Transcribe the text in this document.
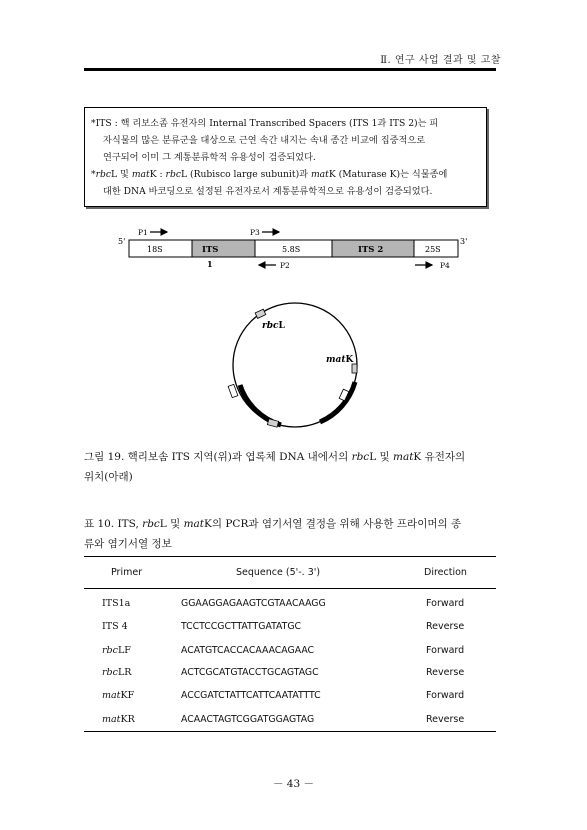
Ⅱ. 연구 사업 결과 및 고찰
*ITS : 핵 리보소좀 유전자의 Internal Transcribed Spacers (ITS 1과 ITS 2)는 피
자식물의 많은 분류군을 대상으로 근연 속간 내지는 속내 종간 비교에 집중적으로
연구되어 이미 그 계통분류학적 유용성이 검증되었다.
*rbcL 및 matK : rbcL (Rubisco large subunit)과 matK (Maturase K)는 식물종에
대한 DNA 바코딩으로 설정된 유전자로서 계통분류학적으로 유용성이 검증되었다.
5'	3'
18S	ITS	5.8S	ITS 2	25S
1
P1	P3
P2	P4
rbcL
matK
그림 19. 핵리보솜 ITS 지역(위)과 엽록체 DNA 내에서의 rbcL 및 matK 유전자의
위치(아래)
표 10. ITS, rbcL 및 matK의 PCR과 염기서열 결정을 위해 사용한 프라이머의 종
류와 염기서열 정보
Primer	Sequence (5'-. 3')	Direction
ITS1a	GGAAGGAGAAGTCGTAACAAGG	Forward
ITS 4	TCCTCCGCTTATTGATATGC	Reverse
rbcLF	ACATGTCACCACAAACAGAAC	Forward
rbcLR	ACTCGCATGTACCTGCAGTAGC	Reverse
matKF	ACCGATCTATTCATTCAATATTTC	Forward
matKR	ACAACTAGTCGGATGGAGTAG	Reverse
－ 43 －
